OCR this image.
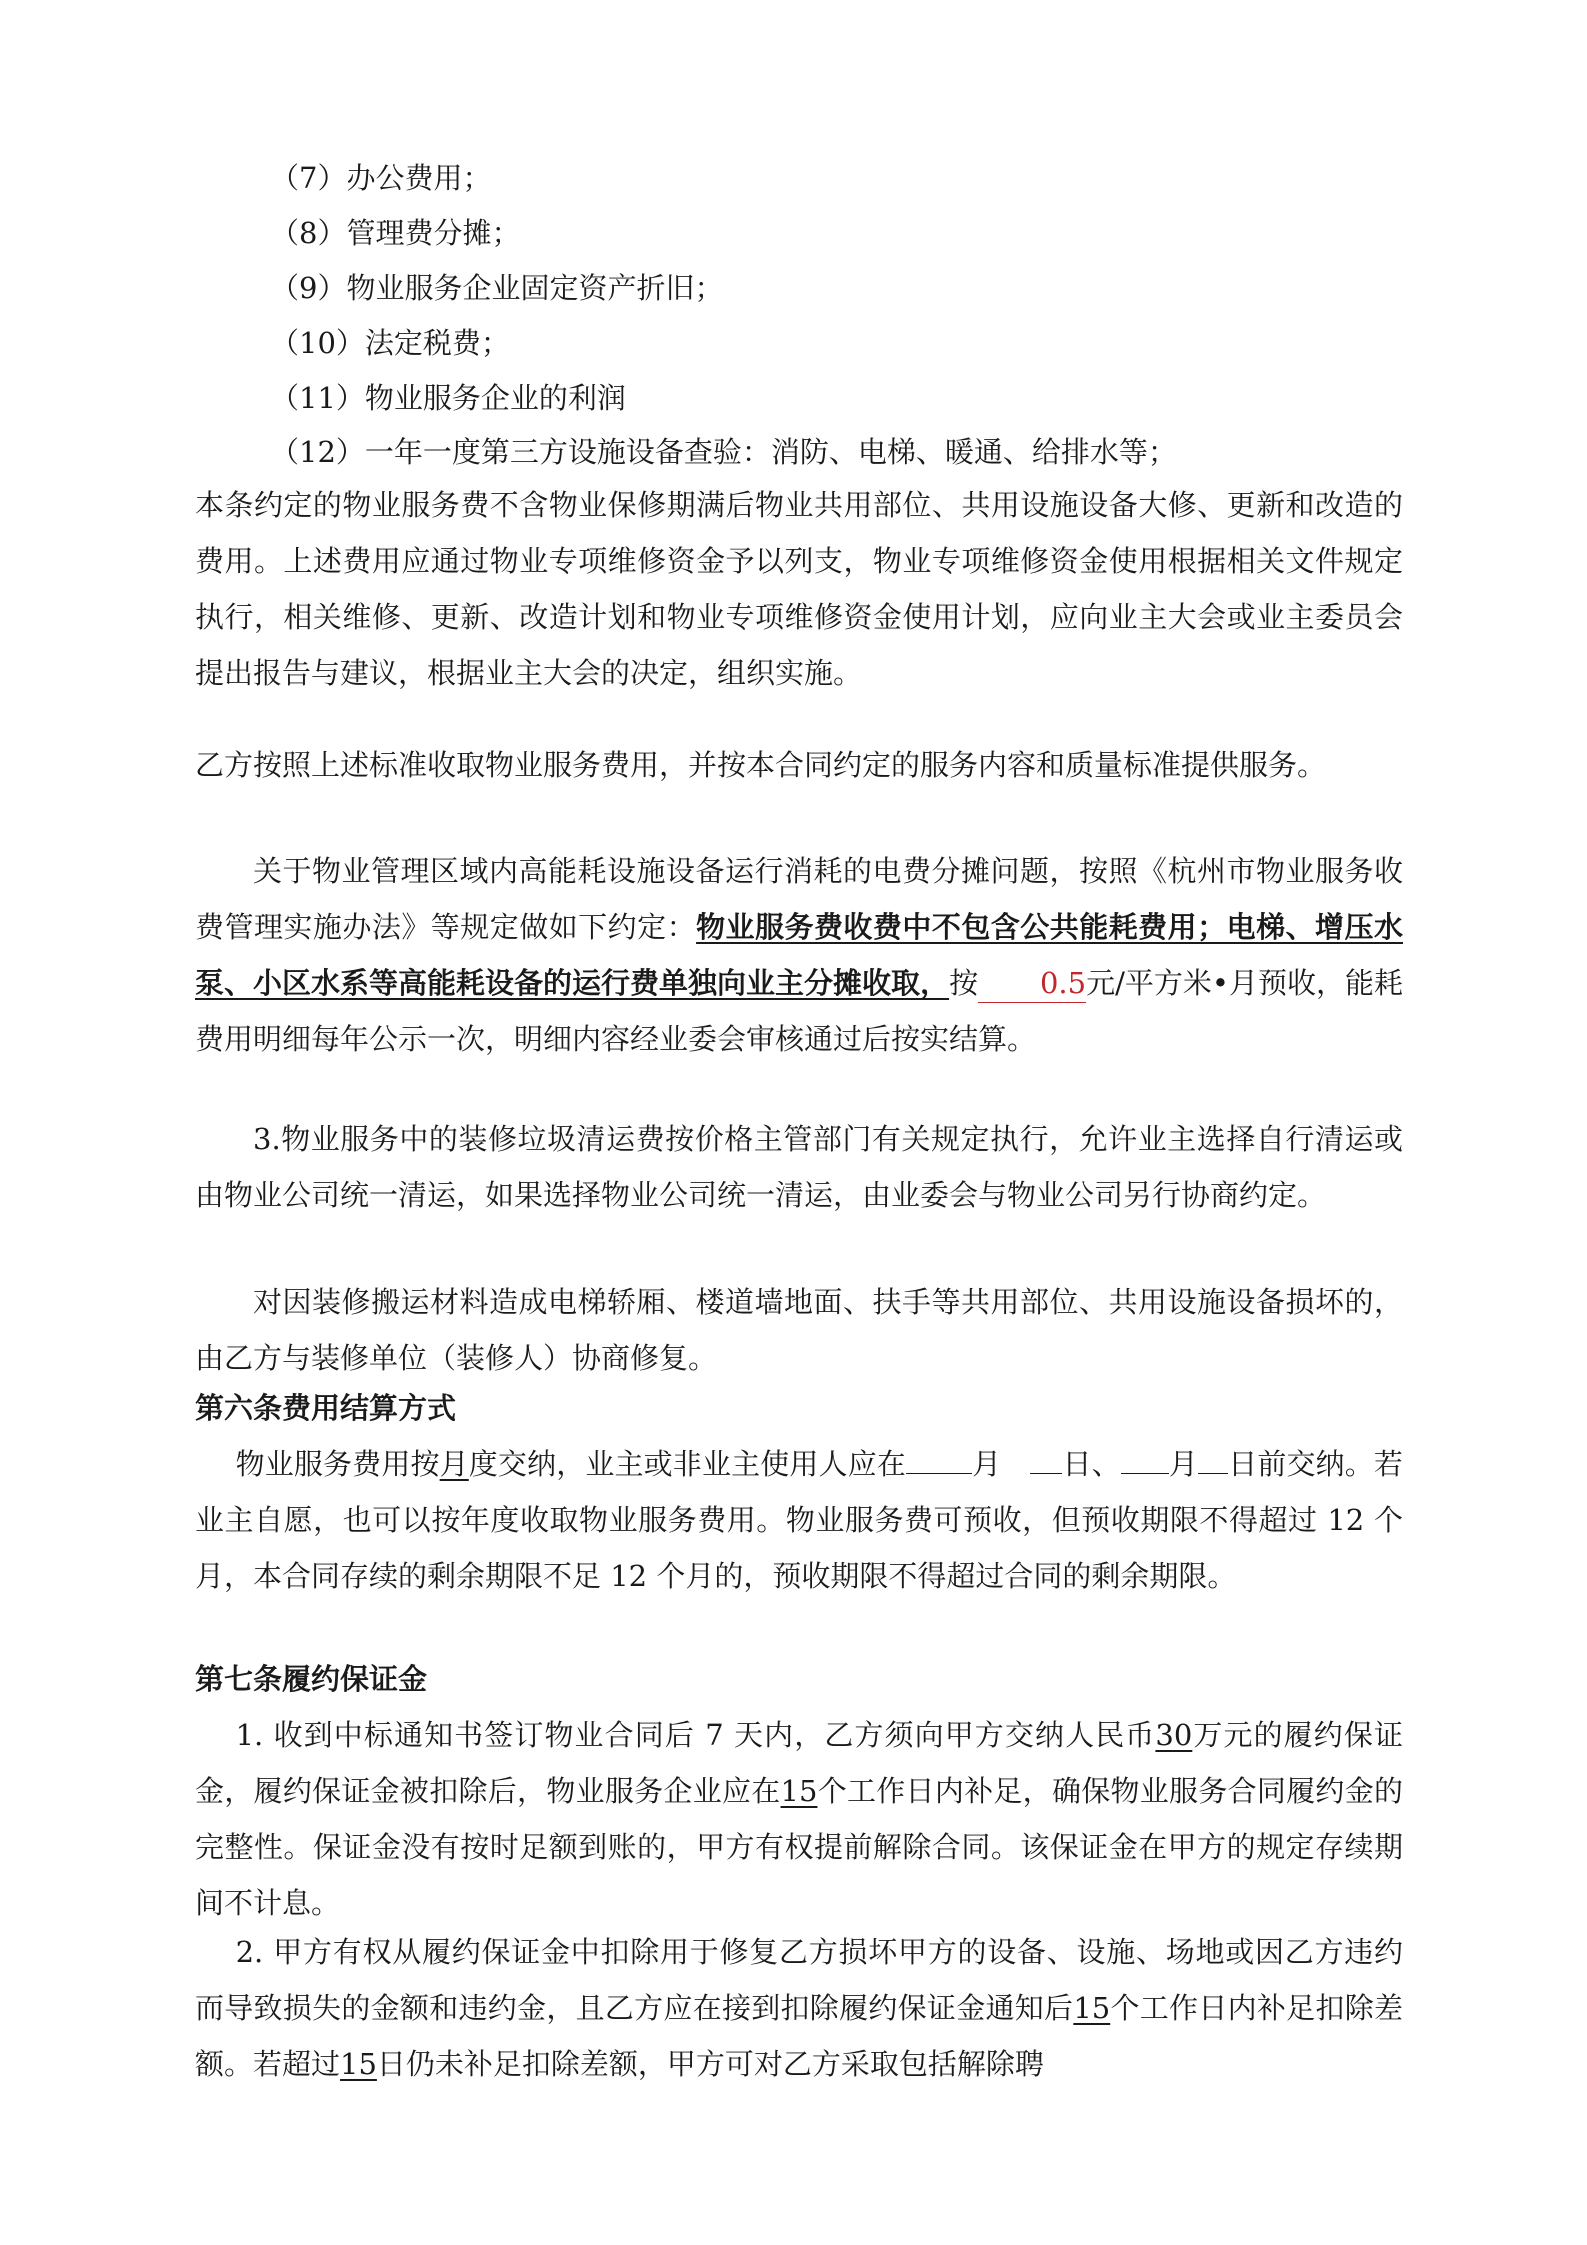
（7）办公费用；

（8）管理费分摊；

（9）物业服务企业固定资产折旧；

（10）法定税费；

（11）物业服务企业的利润

（12）一年一度第三方设施设备查验：消防、电梯、暖通、给排水等；

本条约定的物业服务费不含物业保修期满后物业共用部位、共用设施设备大修、更新和改造的费用。上述费用应通过物业专项维修资金予以列支，物业专项维修资金使用根据相关文件规定执行，相关维修、更新、改造计划和物业专项维修资金使用计划，应向业主大会或业主委员会提出报告与建议，根据业主大会的决定，组织实施。

乙方按照上述标准收取物业服务费用，并按本合同约定的服务内容和质量标准提供服务。

关于物业管理区域内高能耗设施设备运行消耗的电费分摊问题，按照《杭州市物业服务收费管理实施办法》等规定做如下约定：物业服务费收费中不包含公共能耗费用；电梯、增压水泵、小区水系等高能耗设备的运行费单独向业主分摊收取，按 0.5元/平方米•月预收，能耗费用明细每年公示一次，明细内容经业委会审核通过后按实结算。

3.物业服务中的装修垃圾清运费按价格主管部门有关规定执行，允许业主选择自行清运或由物业公司统一清运，如果选择物业公司统一清运，由业委会与物业公司另行协商约定。

对因装修搬运材料造成电梯轿厢、楼道墙地面、扶手等共用部位、共用设施设备损坏的，由乙方与装修单位（装修人）协商修复。

第六条费用结算方式

物业服务费用按月度交纳，业主或非业主使用人应在 月  日、 月 日前交纳。若业主自愿，也可以按年度收取物业服务费用。物业服务费可预收，但预收期限不得超过 12 个月，本合同存续的剩余期限不足 12 个月的，预收期限不得超过合同的剩余期限。

第七条履约保证金

1. 收到中标通知书签订物业合同后 7 天内，乙方须向甲方交纳人民币30万元的履约保证金，履约保证金被扣除后，物业服务企业应在15个工作日内补足，确保物业服务合同履约金的完整性。保证金没有按时足额到账的，甲方有权提前解除合同。该保证金在甲方的规定存续期间不计息。

2. 甲方有权从履约保证金中扣除用于修复乙方损坏甲方的设备、设施、场地或因乙方违约而导致损失的金额和违约金，且乙方应在接到扣除履约保证金通知后15个工作日内补足扣除差额。若超过15日仍未补足扣除差额，甲方可对乙方采取包括解除聘
